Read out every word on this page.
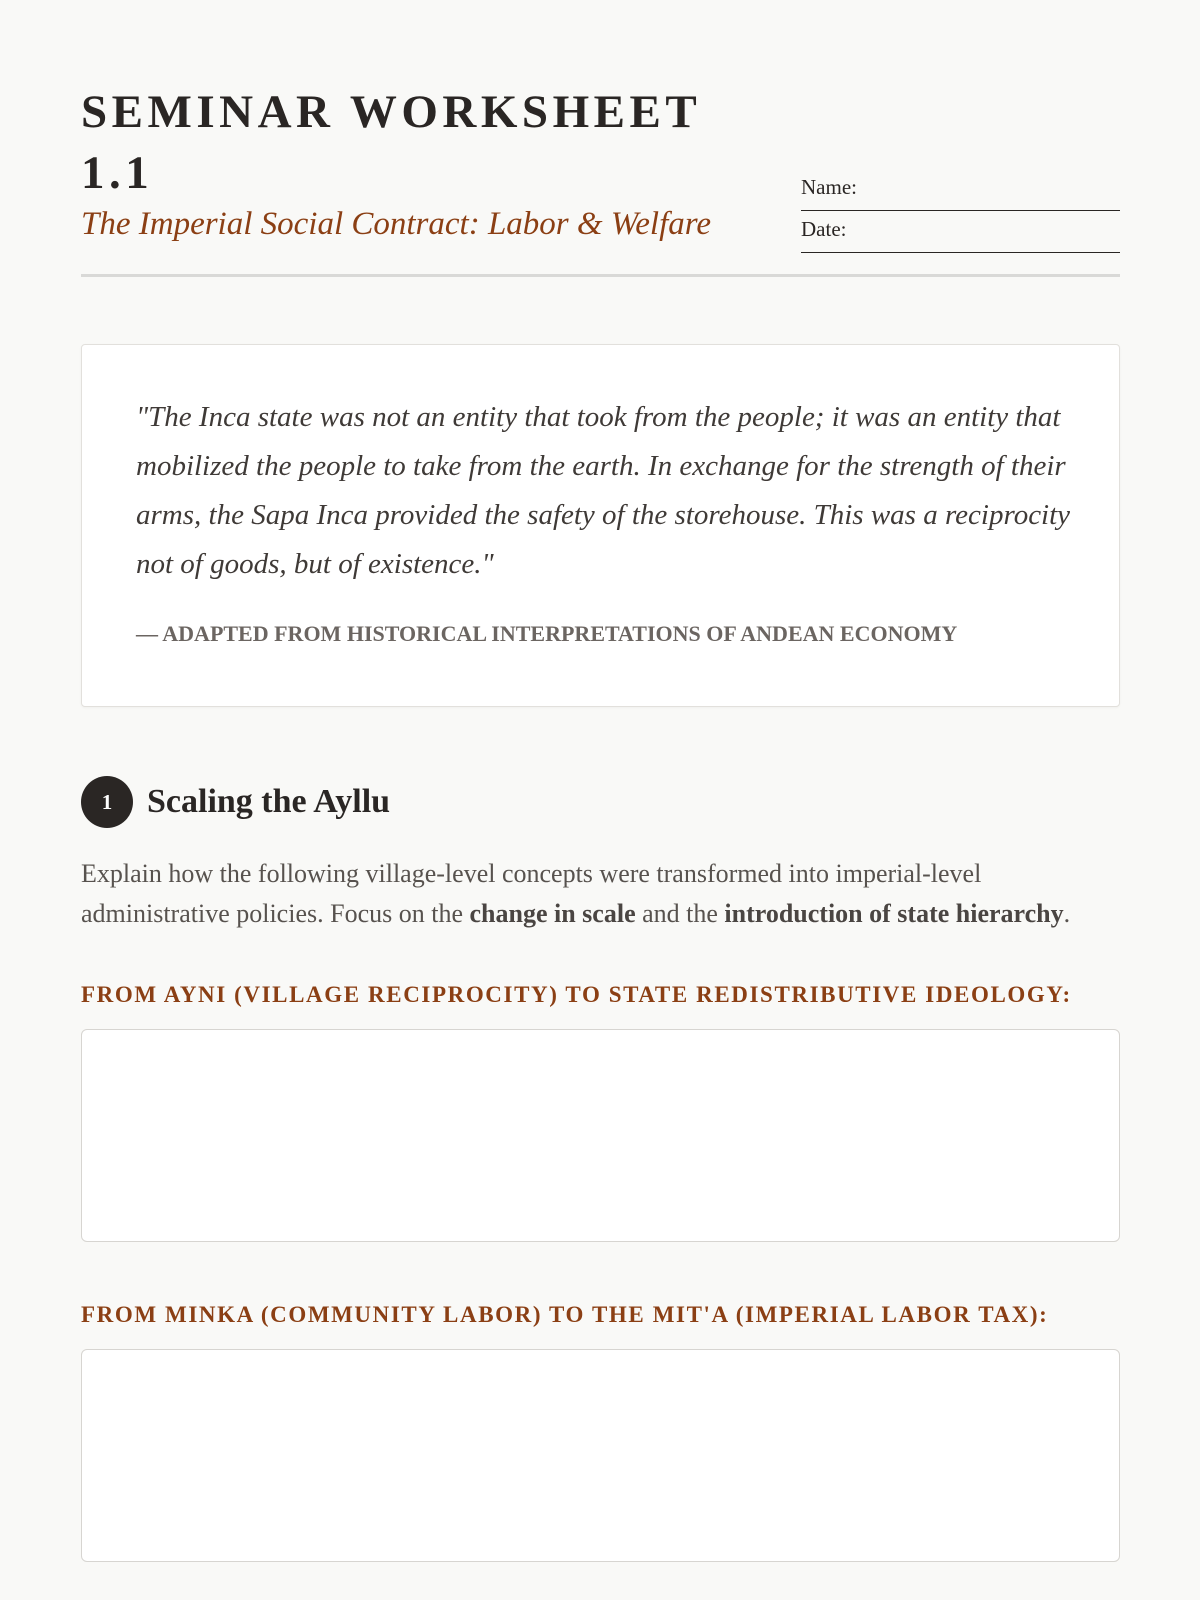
SEMINAR WORKSHEET 1.1

The Imperial Social Contract: Labor & Welfare

Name:
Date:

"The Inca state was not an entity that took from the people; it was an entity that mobilized the people to take from the earth. In exchange for the strength of their arms, the Sapa Inca provided the safety of the storehouse. This was a reciprocity not of goods, but of existence."

— ADAPTED FROM HISTORICAL INTERPRETATIONS OF ANDEAN ECONOMY

1	Scaling the Ayllu

Explain how the following village-level concepts were transformed into imperial-level administrative policies. Focus on the change in scale and the introduction of state hierarchy.

FROM AYNI (VILLAGE RECIPROCITY) TO STATE REDISTRIBUTIVE IDEOLOGY:

FROM MINKA (COMMUNITY LABOR) TO THE MIT'A (IMPERIAL LABOR TAX):
